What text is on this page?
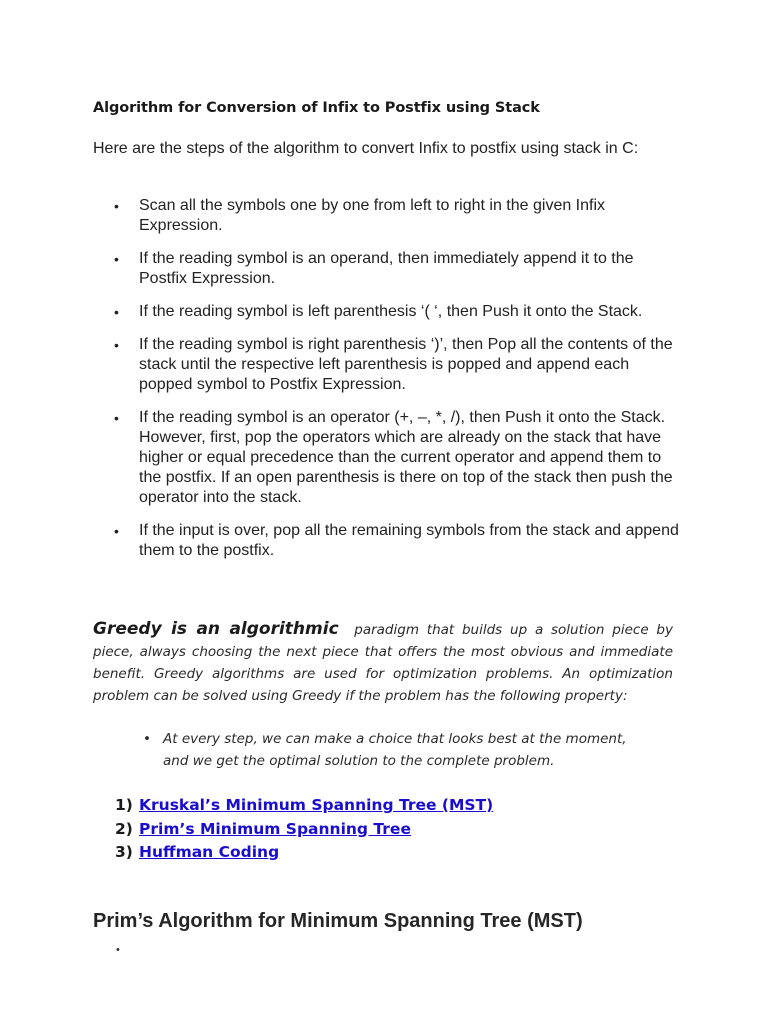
Algorithm for Conversion of Infix to Postfix using Stack
Here are the steps of the algorithm to convert Infix to postfix using stack in C:
• Scan all the symbols one by one from left to right in the given Infix Expression.
• If the reading symbol is an operand, then immediately append it to the Postfix Expression.
• If the reading symbol is left parenthesis ‘( ‘, then Push it onto the Stack.
• If the reading symbol is right parenthesis ‘)’, then Pop all the contents of the stack until the respective left parenthesis is popped and append each popped symbol to Postfix Expression.
• If the reading symbol is an operator (+, –, *, /), then Push it onto the Stack. However, first, pop the operators which are already on the stack that have higher or equal precedence than the current operator and append them to the postfix. If an open parenthesis is there on top of the stack then push the operator into the stack.
• If the input is over, pop all the remaining symbols from the stack and append them to the postfix.
Greedy is an algorithmic paradigm that builds up a solution piece by piece, always choosing the next piece that offers the most obvious and immediate benefit. Greedy algorithms are used for optimization problems. An optimization problem can be solved using Greedy if the problem has the following property:
• At every step, we can make a choice that looks best at the moment, and we get the optimal solution to the complete problem.
1) Kruskal’s Minimum Spanning Tree (MST)
2) Prim’s Minimum Spanning Tree
3) Huffman Coding
Prim’s Algorithm for Minimum Spanning Tree (MST)
•
